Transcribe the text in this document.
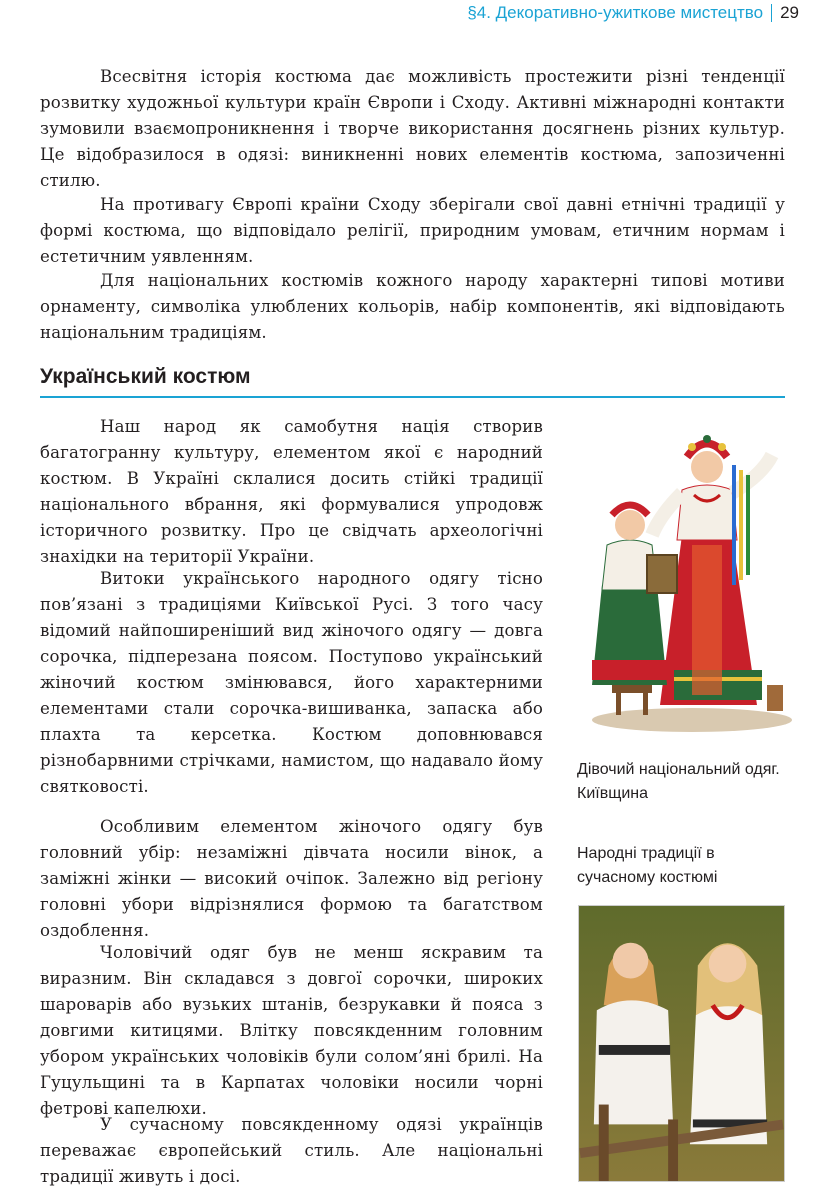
§4. Декоративно-ужиткове мистецтво 29

Всесвітня історія костюма дає можливість простежити різні тенденції розвитку художньої культури країн Європи і Сходу. Активні міжнародні контакти зумовили взаємопроникнення і творче використання досягнень різних культур. Це відобразилося в одязі: виникненні нових елементів костюма, запозиченні стилю.

На противагу Європі країни Сходу зберігали свої давні етнічні традиції у формі костюма, що відповідало релігії, природним умовам, етичним нормам і естетичним уявленням.

Для національних костюмів кожного народу характерні типові мотиви орнаменту, символіка улюблених кольорів, набір компонентів, які відповідають національним традиціям.

Український костюм

Наш народ як самобутня нація створив багатогранну культуру, елементом якої є народний костюм. В Україні склалися досить стійкі традиції національного вбрання, які формувалися упродовж історичного розвитку. Про це свідчать археологічні знахідки на території України.

Витоки українського народного одягу тісно пов’язані з традиціями Київської Русі. З того часу відомий найпоширеніший вид жіночого одягу — довга сорочка, підперезана поясом. Поступово український жіночий костюм змінювався, його характерними елементами стали сорочка-вишиванка, запаска або плахта та керсетка. Костюм доповнювався різнобарвними стрічками, намистом, що надавало йому святковості.

Особливим елементом жіночого одягу був головний убір: незаміжні дівчата носили вінок, а заміжні жінки — високий очіпок. Залежно від регіону головні убори відрізнялися формою та багатством оздоблення.

Чоловічий одяг був не менш яскравим та виразним. Він складався з довгої сорочки, широких шароварів або вузьких штанів, безрукавки й пояса з довгими китицями. Влітку повсякденним головним убором українських чоловіків були солом’яні брилі. На Гуцульщині та в Карпатах чоловіки носили чорні фетрові капелюхи.

У сучасному повсякденному одязі українців переважає європейський стиль. Але національні традиції живуть і досі.

Дівочий національний одяг. Київщина
Народні традиції в сучасному костюмі
